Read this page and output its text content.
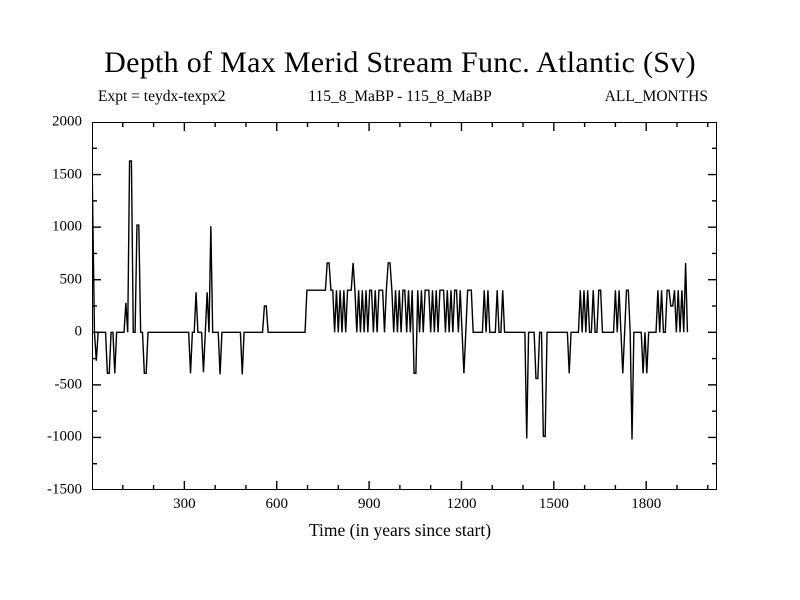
Depth of Max Merid Stream Func. Atlantic (Sv)
Expt = teydx-texpx2	115_8_MaBP - 115_8_MaBP	ALL_MONTHS
2000
1500
1000
500
0
-500
-1000
-1500
300	600	900	1200	1500	1800
Time (in years since start)
